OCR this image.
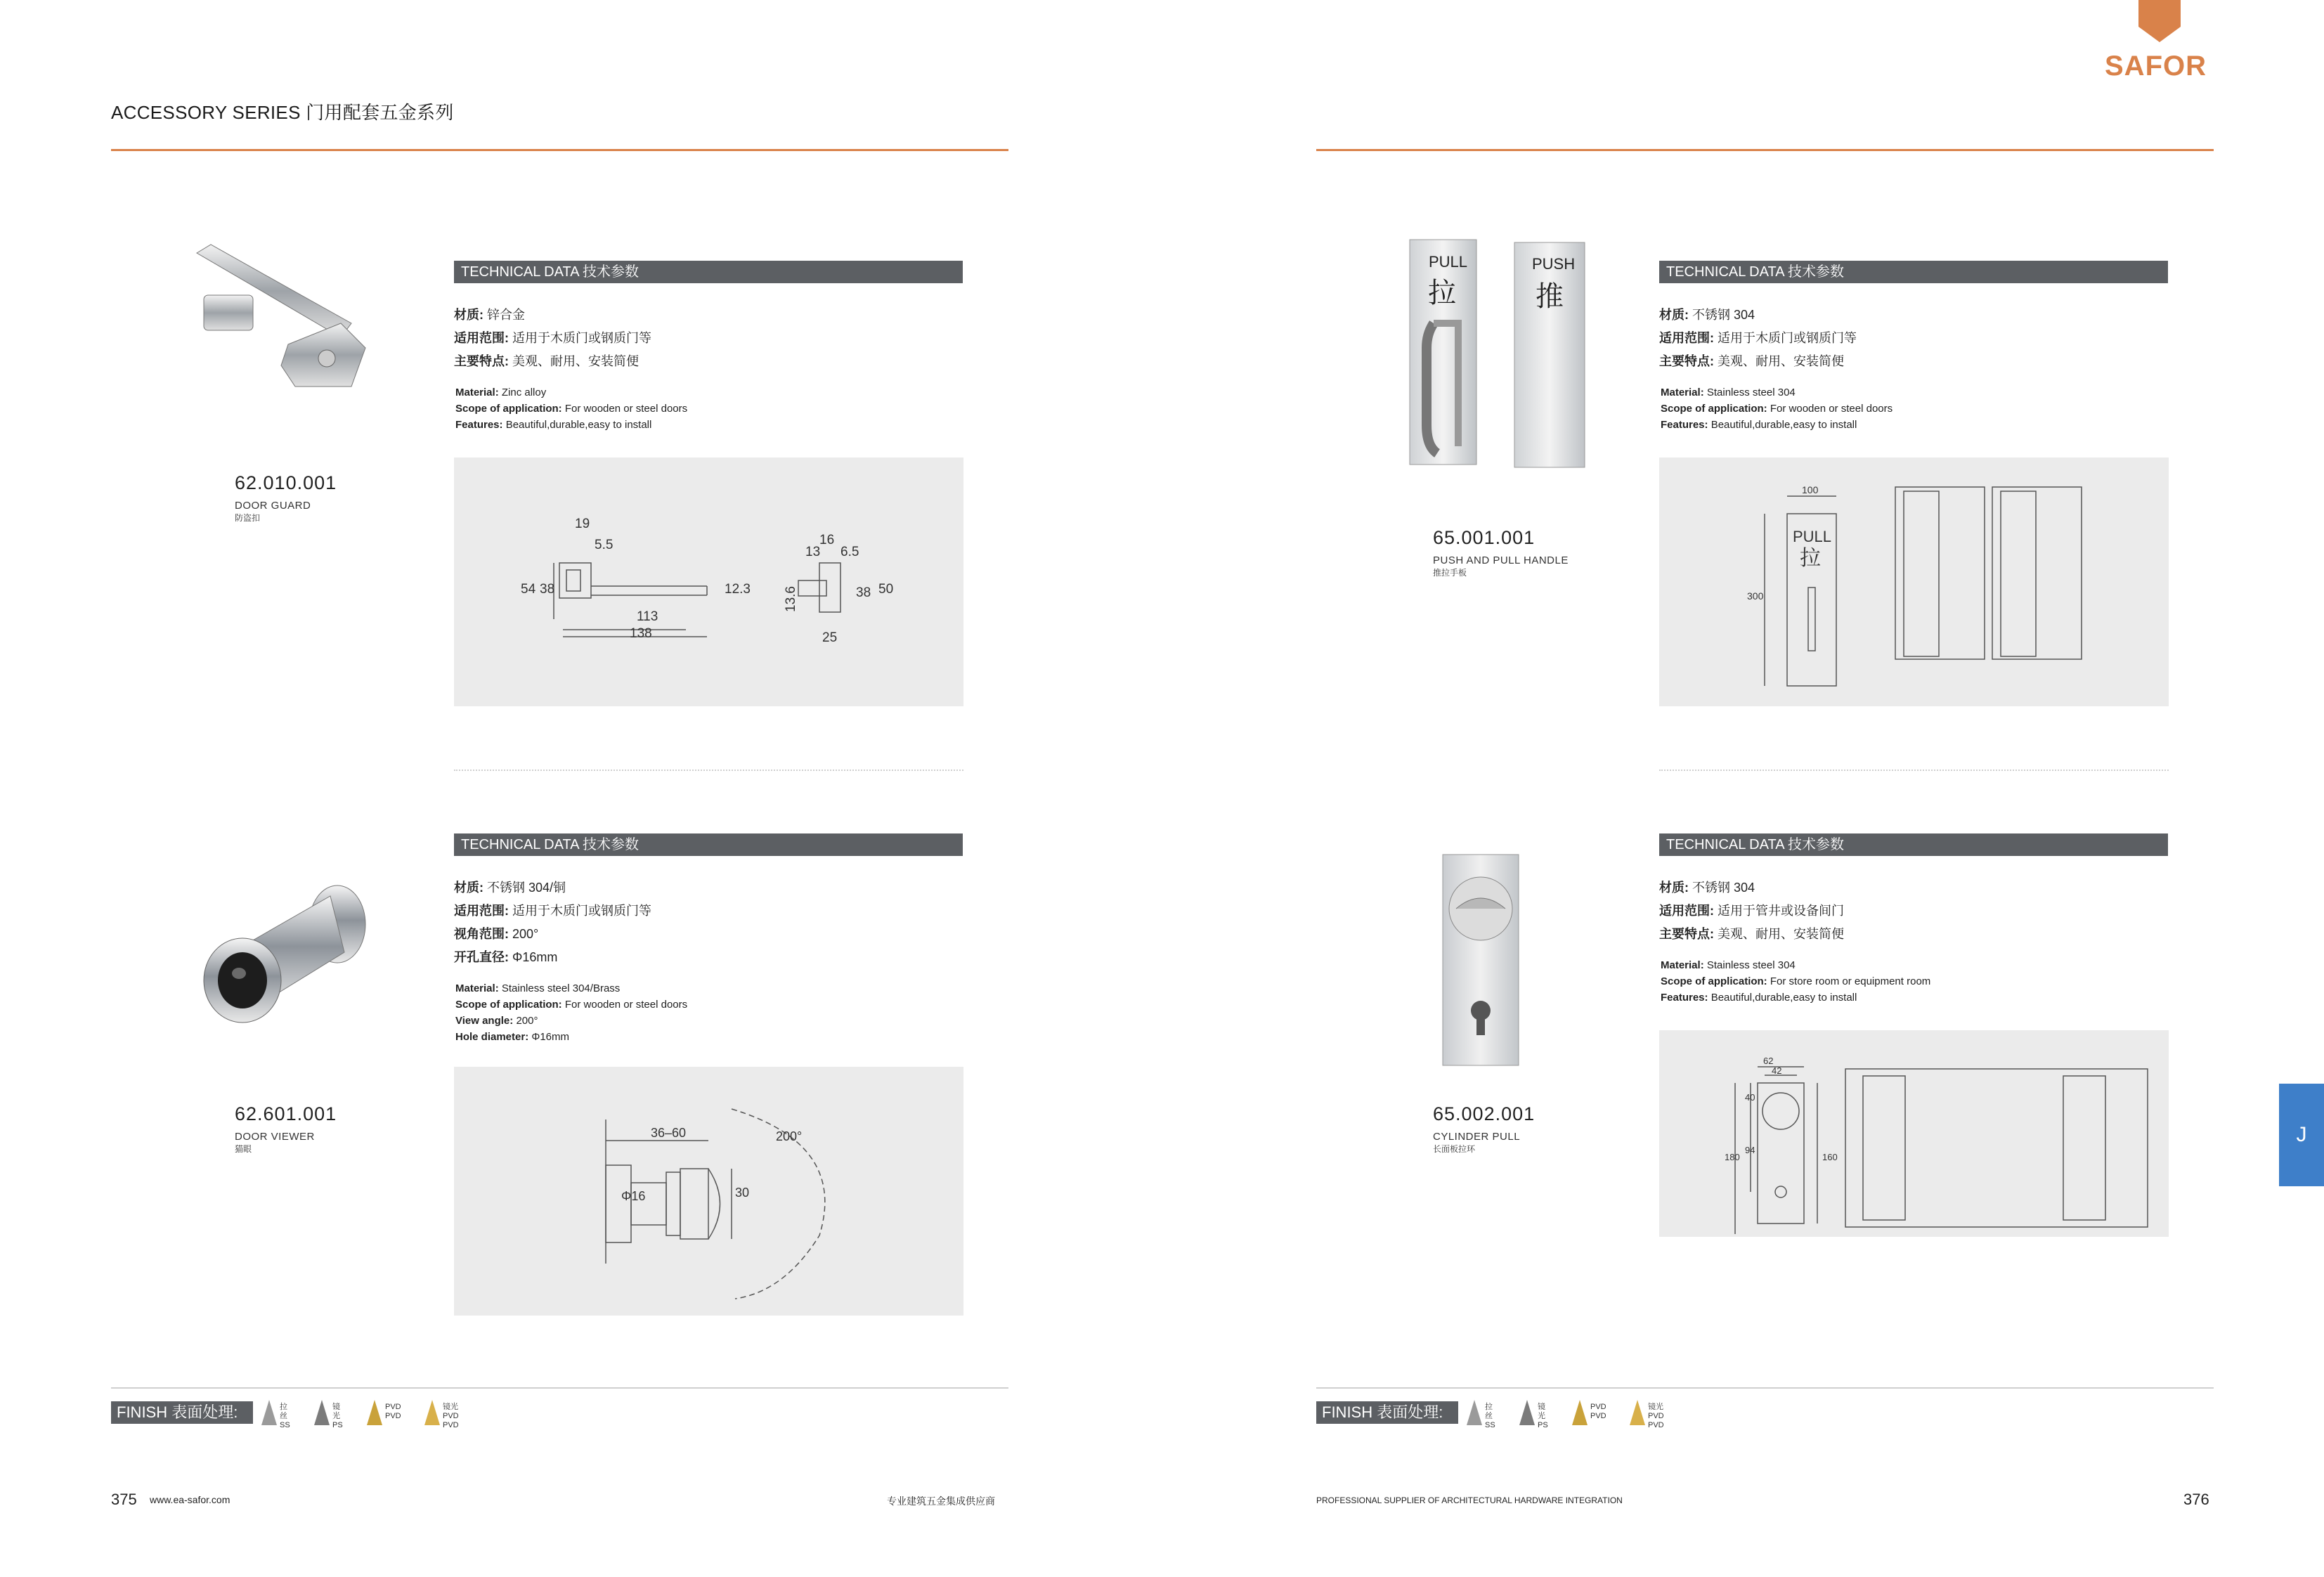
ACCESSORY SERIES 门用配套五金系列
SAFOR
62.010.001
DOOR GUARD
防盗扣
TECHNICAL DATA 技术参数
材质: 锌合金
适用范围: 适用于木质门或钢质门等
主要特点: 美观、耐用、安装简便
Material: Zinc alloy
Scope of application: For wooden or steel doors
Features: Beautiful,durable,easy to install
19
5.5
54 38	12.3
113
138
16
13 6.5
13.6	38 50
25
62.601.001
DOOR VIEWER
猫眼
TECHNICAL DATA 技术参数
材质: 不锈钢 304/铜
适用范围: 适用于木质门或钢质门等
视角范围: 200°
开孔直径: Φ16mm
Material: Stainless steel 304/Brass
Scope of application: For wooden or steel doors
View angle: 200°
Hole diameter: Φ16mm
36–60	200°
Φ16	30
PULL
拉
PUSH
推
65.001.001
PUSH AND PULL HANDLE
推拉手板
TECHNICAL DATA 技术参数
材质: 不锈钢 304
适用范围: 适用于木质门或钢质门等
主要特点: 美观、耐用、安装简便
Material: Stainless steel 304
Scope of application: For wooden or steel doors
Features: Beautiful,durable,easy to install
100
300
PULL
拉
65.002.001
CYLINDER PULL
长面板拉环
TECHNICAL DATA 技术参数
材质: 不锈钢 304
适用范围: 适用于管井或设备间门
主要特点: 美观、耐用、安装简便
Material: Stainless steel 304
Scope of application: For store room or equipment room
Features: Beautiful,durable,easy to install
62
42
40
94
180	160
FINISH 表面处理:	拉丝
SS
镜光
PS
PVD
PVD
镜光PVD
PVD
FINISH 表面处理:	拉丝
SS
镜光
PS
PVD
PVD
镜光PVD
PVD
375 www.ea-safor.com	专业建筑五金集成供应商	PROFESSIONAL SUPPLIER OF ARCHITECTURAL HARDWARE INTEGRATION	376
J
